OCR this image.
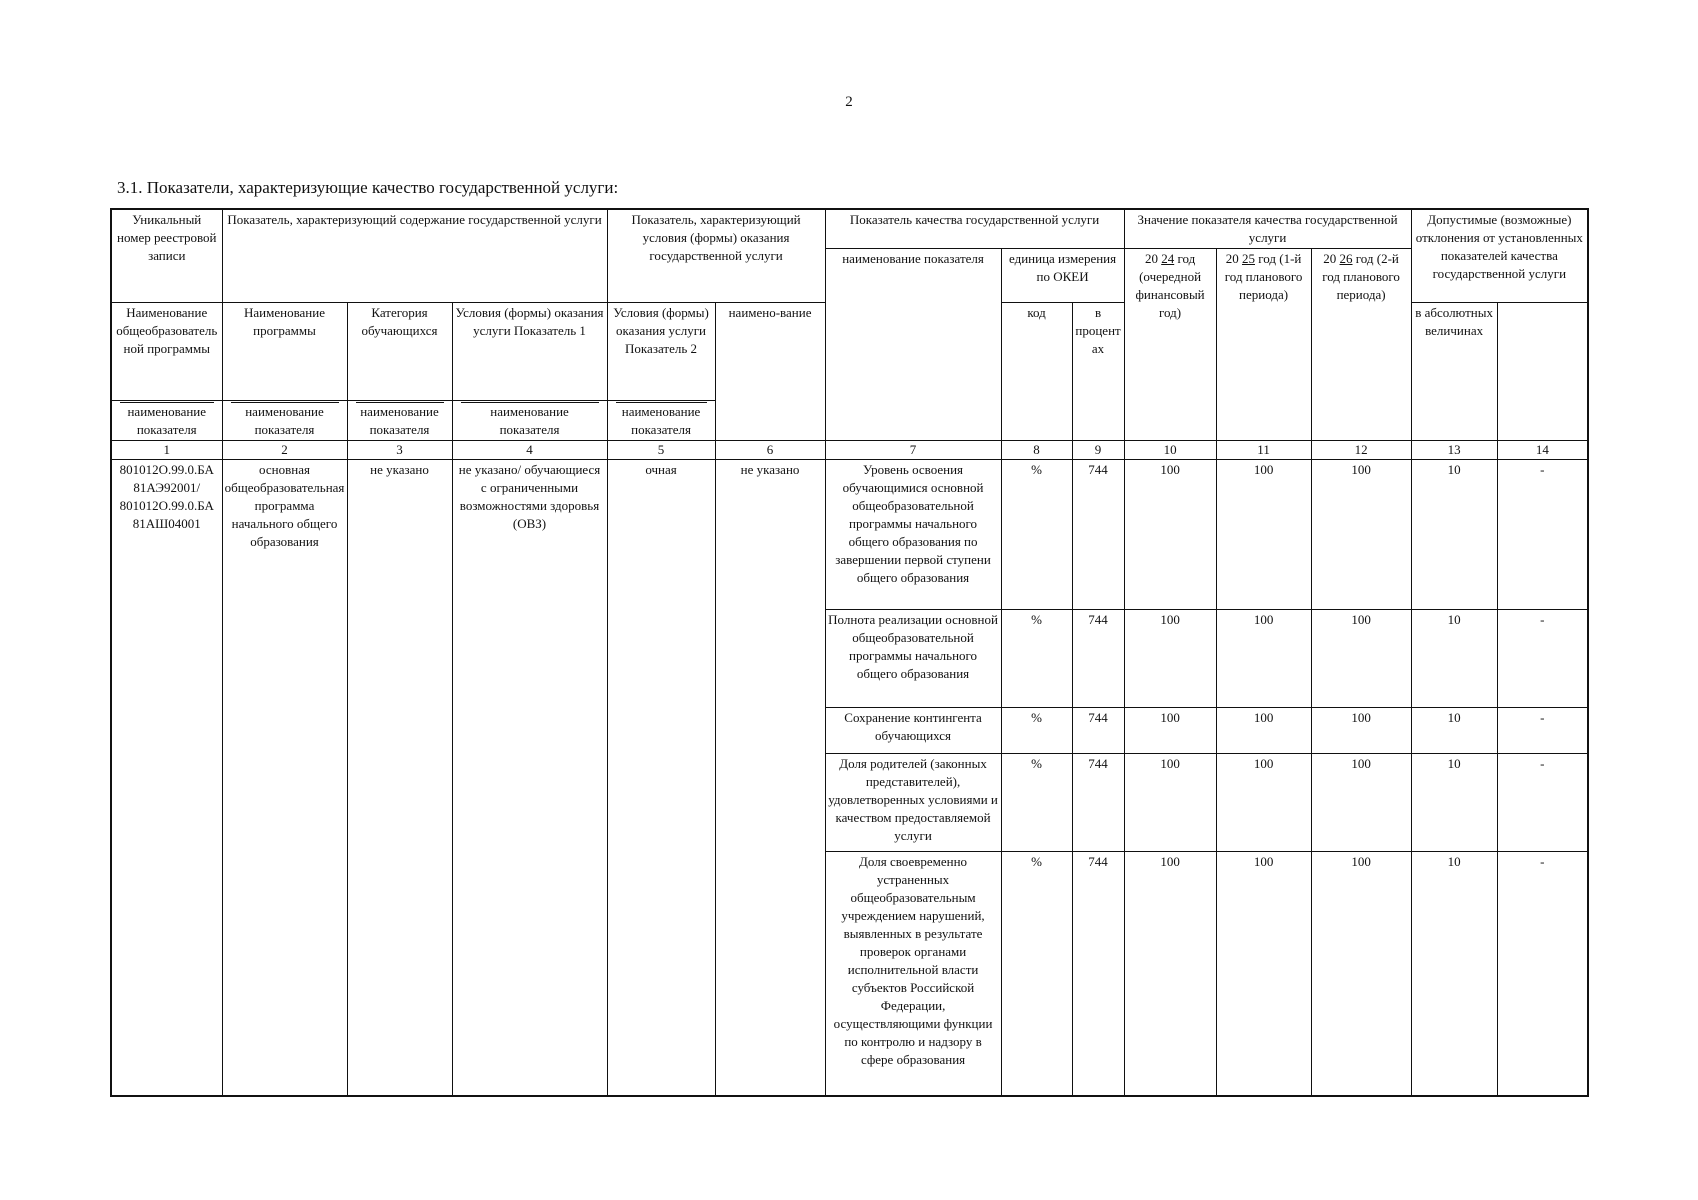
2
3.1. Показатели, характеризующие качество государственной услуги:
Уникальный номер реестровой записи	Показатель, характеризующий содержание государственной услуги			Показатель, характеризующий условия (формы) оказания государственной услуги		Показатель качества государственной услуги			Значение показателя качества государственной услуги			Допустимые (возможные) отклонения от установленных показателей качества государственной услуги	
						наименование показателя	единица измерения по ОКЕИ		20 24 год (очередной финансовый год)	20 25 год (1-й год планового периода)	20 26 год (2-й год планового периода)		
Наименование общеобразовательной программы	Наименование программы	Категория обучающихся	Условия (формы) оказания услуги Показатель 1	Условия (формы) оказания услуги Показатель 2	наимено-вание		код	в процентах				в абсолютных величинах	

наименование показателя	наименование показателя	наименование показателя	наименование показателя	наименование показателя									

1	2	3	4	5	6	7	8	9	10	11	12	13	14
801012О.99.0.БА 81АЭ92001/ 801012О.99.0.БА 81АШ04001	основная общеобразовательная программа начального общего образования	не указано	не указано/ обучающиеся с ограниченными возможностями здоровья (ОВЗ)	очная	не указано	Уровень освоения обучающимися основной общеобразовательной программы начального общего образования по завершении первой ступени общего образования	%	744	100	100	100	10	-
						Полнота реализации основной общеобразовательной программы начального общего образования	%	744	100	100	100	10	-
						Сохранение контингента обучающихся	%	744	100	100	100	10	-
						Доля родителей (законных представителей), удовлетворенных условиями и качеством предоставляемой услуги	%	744	100	100	100	10	-
						Доля своевременно устраненных общеобразовательным учреждением нарушений, выявленных в результате проверок органами исполнительной власти субъектов Российской Федерации, осуществляющими функции по контролю и надзору в сфере образования	%	744	100	100	100	10	-
